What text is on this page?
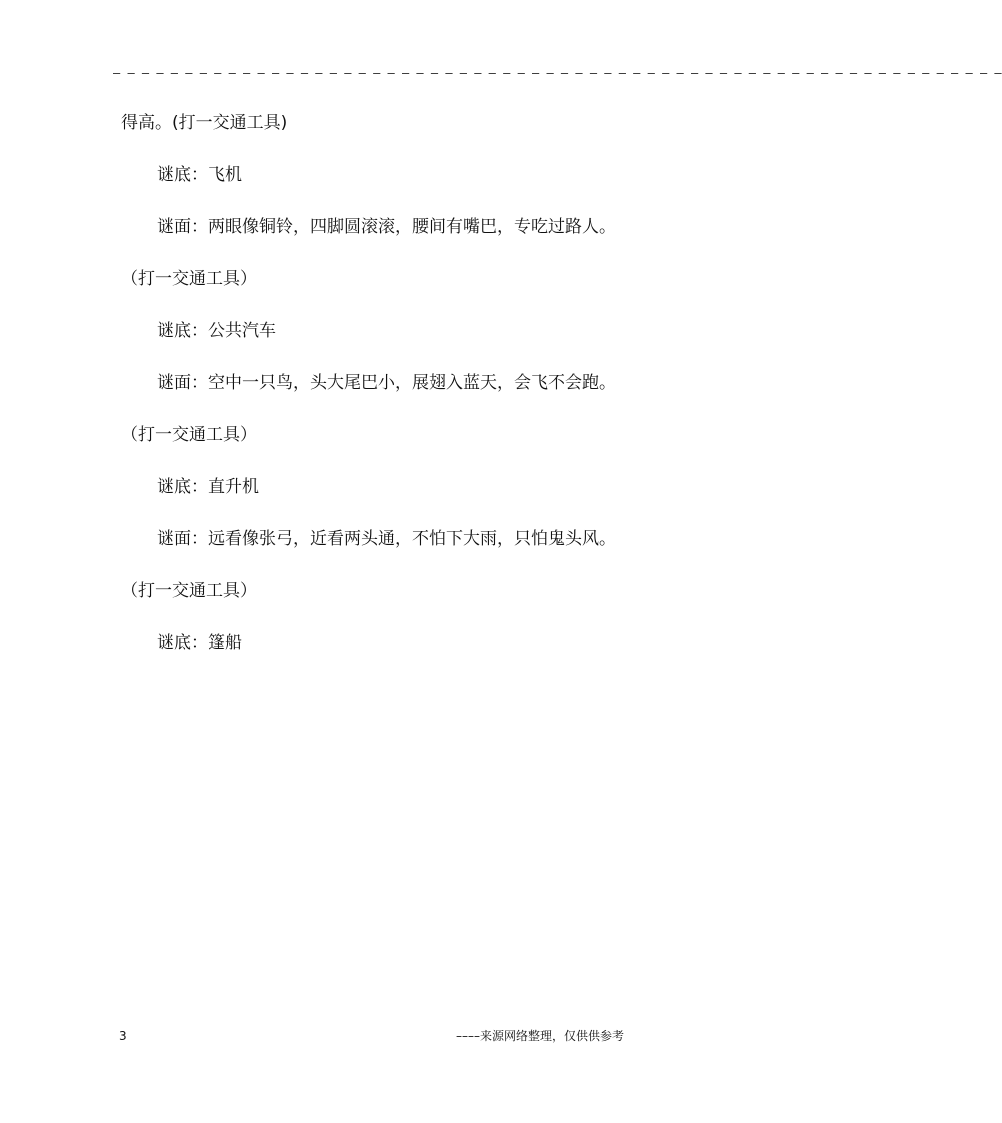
– – – – – – – – – – – – – – – – – – – – – – – – – – – – – – – – – – – – – – – – – – – – – – – – – – – – – – – – – – – – – –
得高。(打一交通工具)
谜底：飞机
谜面：两眼像铜铃，四脚圆滚滚，腰间有嘴巴，专吃过路人。
（打一交通工具）
谜底：公共汽车
谜面：空中一只鸟，头大尾巴小，展翅入蓝天，会飞不会跑。
（打一交通工具）
谜底：直升机
谜面：远看像张弓，近看两头通，不怕下大雨，只怕鬼头风。
（打一交通工具）
谜底：篷船
3	––––来源网络整理，仅供供参考
